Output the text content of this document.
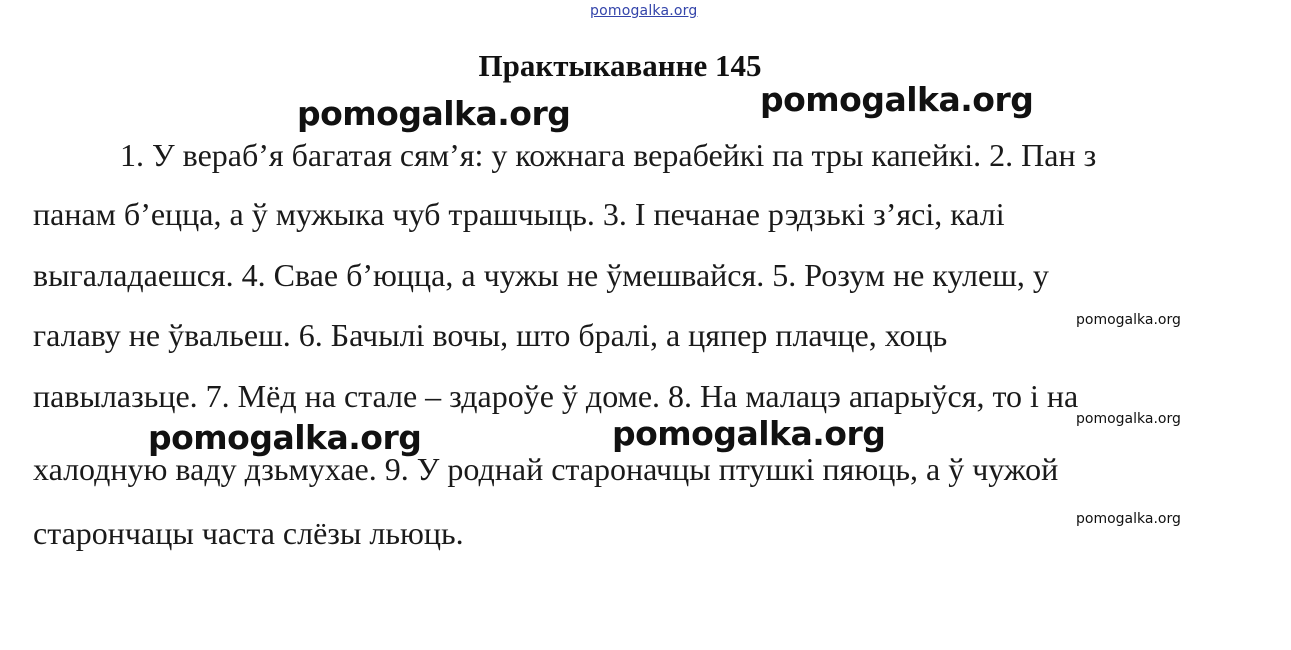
pomogalka.org
Практыкаванне 145
1. У вераб’я багатая сям’я: у кожнага верабейкі па тры капейкі. 2. Пан з
панам б’ецца, а ў мужыка чуб трашчыць. 3. І печанае рэдзькі з’ясі, калі
выгаладаешся. 4. Свае б’юцца, а чужы не ўмешвайся. 5. Розум не кулеш, у
галаву не ўвальеш. 6. Бачылі вочы, што бралі, а цяпер плачце, хоць
павылазьце. 7. Мёд на стале – здароўе ў доме. 8. На малацэ апарыўся, то і на
халодную ваду дзьмухае. 9. У роднай староначцы птушкі пяюць, а ў чужой
старончацы часта слёзы льюць.
pomogalka.org	pomogalka.org
pomogalka.org	pomogalka.org
pomogalka.org
pomogalka.org
pomogalka.org
